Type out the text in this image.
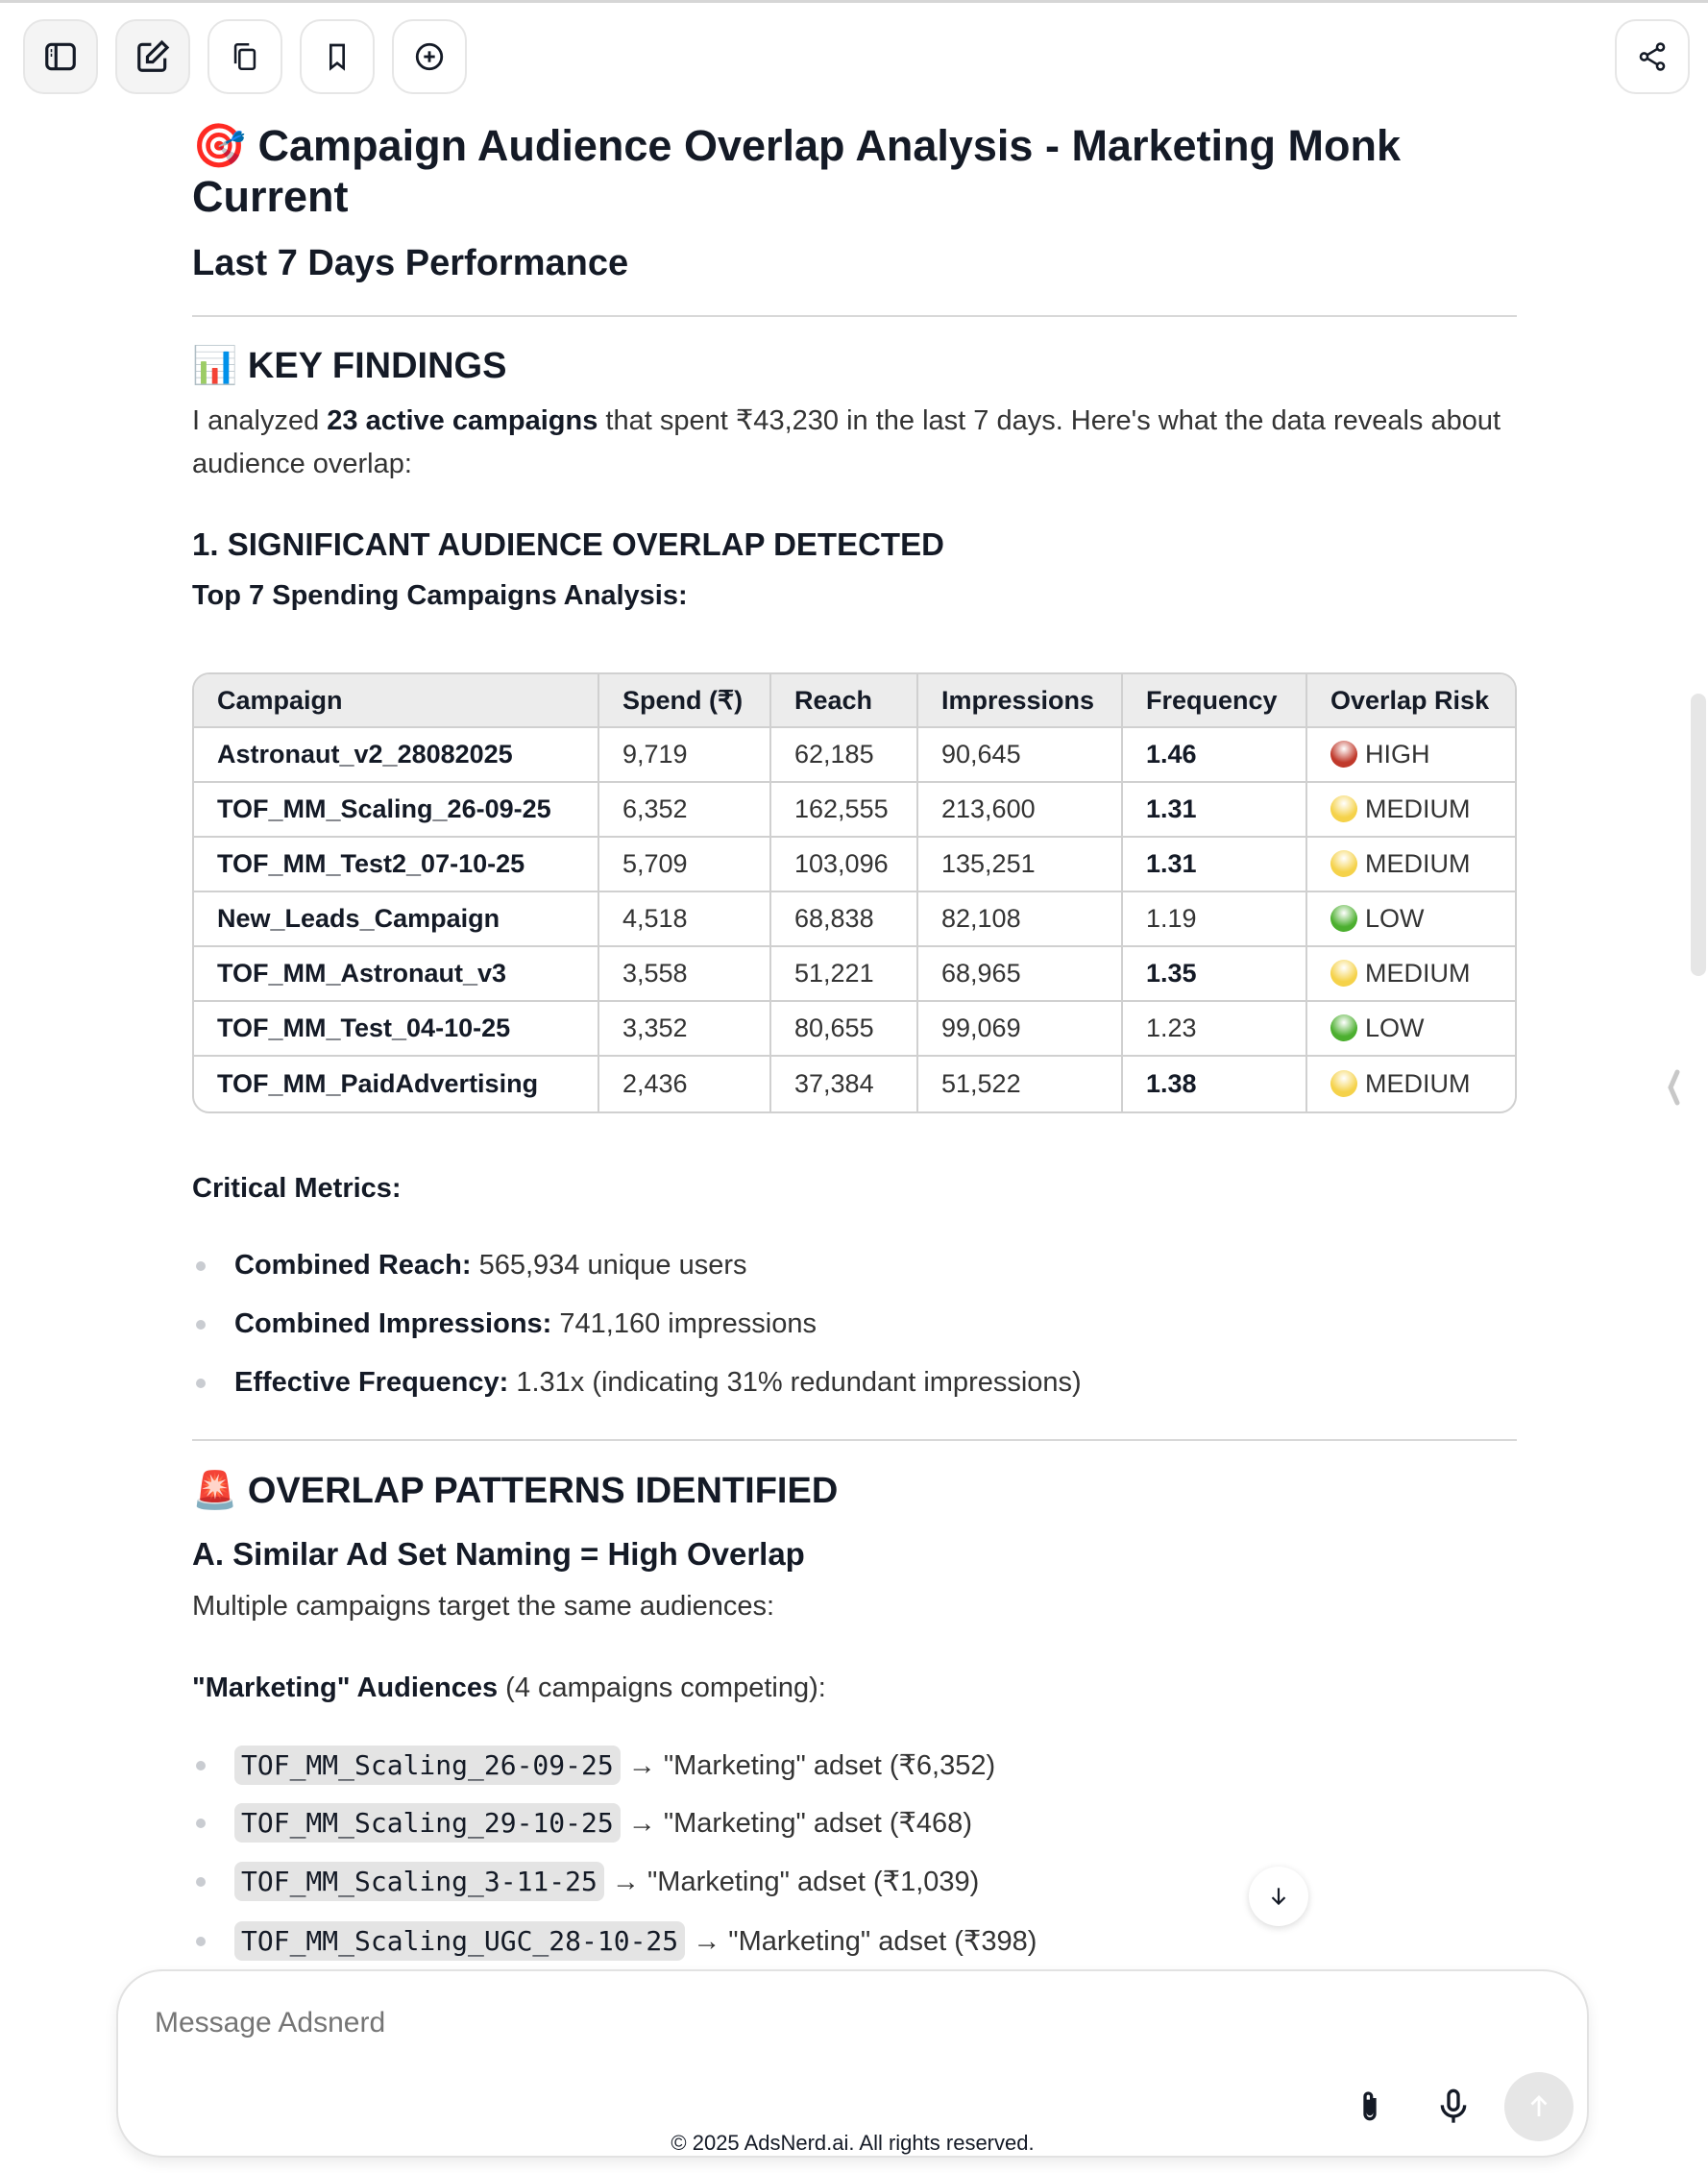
🎯 Campaign Audience Overlap Analysis - Marketing Monk Current
Last 7 Days Performance
📊 KEY FINDINGS
I analyzed 23 active campaigns that spent ₹43,230 in the last 7 days. Here's what the data reveals about audience overlap:
1. SIGNIFICANT AUDIENCE OVERLAP DETECTED
Top 7 Spending Campaigns Analysis:
Campaign	Spend (₹)	Reach	Impressions	Frequency	Overlap Risk
Astronaut_v2_28082025	9,719	62,185	90,645	1.46	HIGH
TOF_MM_Scaling_26-09-25	6,352	162,555	213,600	1.31	MEDIUM
TOF_MM_Test2_07-10-25	5,709	103,096	135,251	1.31	MEDIUM
New_Leads_Campaign	4,518	68,838	82,108	1.19	LOW
TOF_MM_Astronaut_v3	3,558	51,221	68,965	1.35	MEDIUM
TOF_MM_Test_04-10-25	3,352	80,655	99,069	1.23	LOW
TOF_MM_PaidAdvertising	2,436	37,384	51,522	1.38	MEDIUM
Critical Metrics:
Combined Reach: 565,934 unique users
Combined Impressions: 741,160 impressions
Effective Frequency: 1.31x (indicating 31% redundant impressions)
🚨 OVERLAP PATTERNS IDENTIFIED
A. Similar Ad Set Naming = High Overlap
Multiple campaigns target the same audiences:
"Marketing" Audiences (4 campaigns competing):
TOF_MM_Scaling_26-09-25 → "Marketing" adset (₹6,352)
TOF_MM_Scaling_29-10-25 → "Marketing" adset (₹468)
TOF_MM_Scaling_3-11-25 → "Marketing" adset (₹1,039)
TOF_MM_Scaling_UGC_28-10-25 → "Marketing" adset (₹398)
Message Adsnerd
© 2025 AdsNerd.ai. All rights reserved.
